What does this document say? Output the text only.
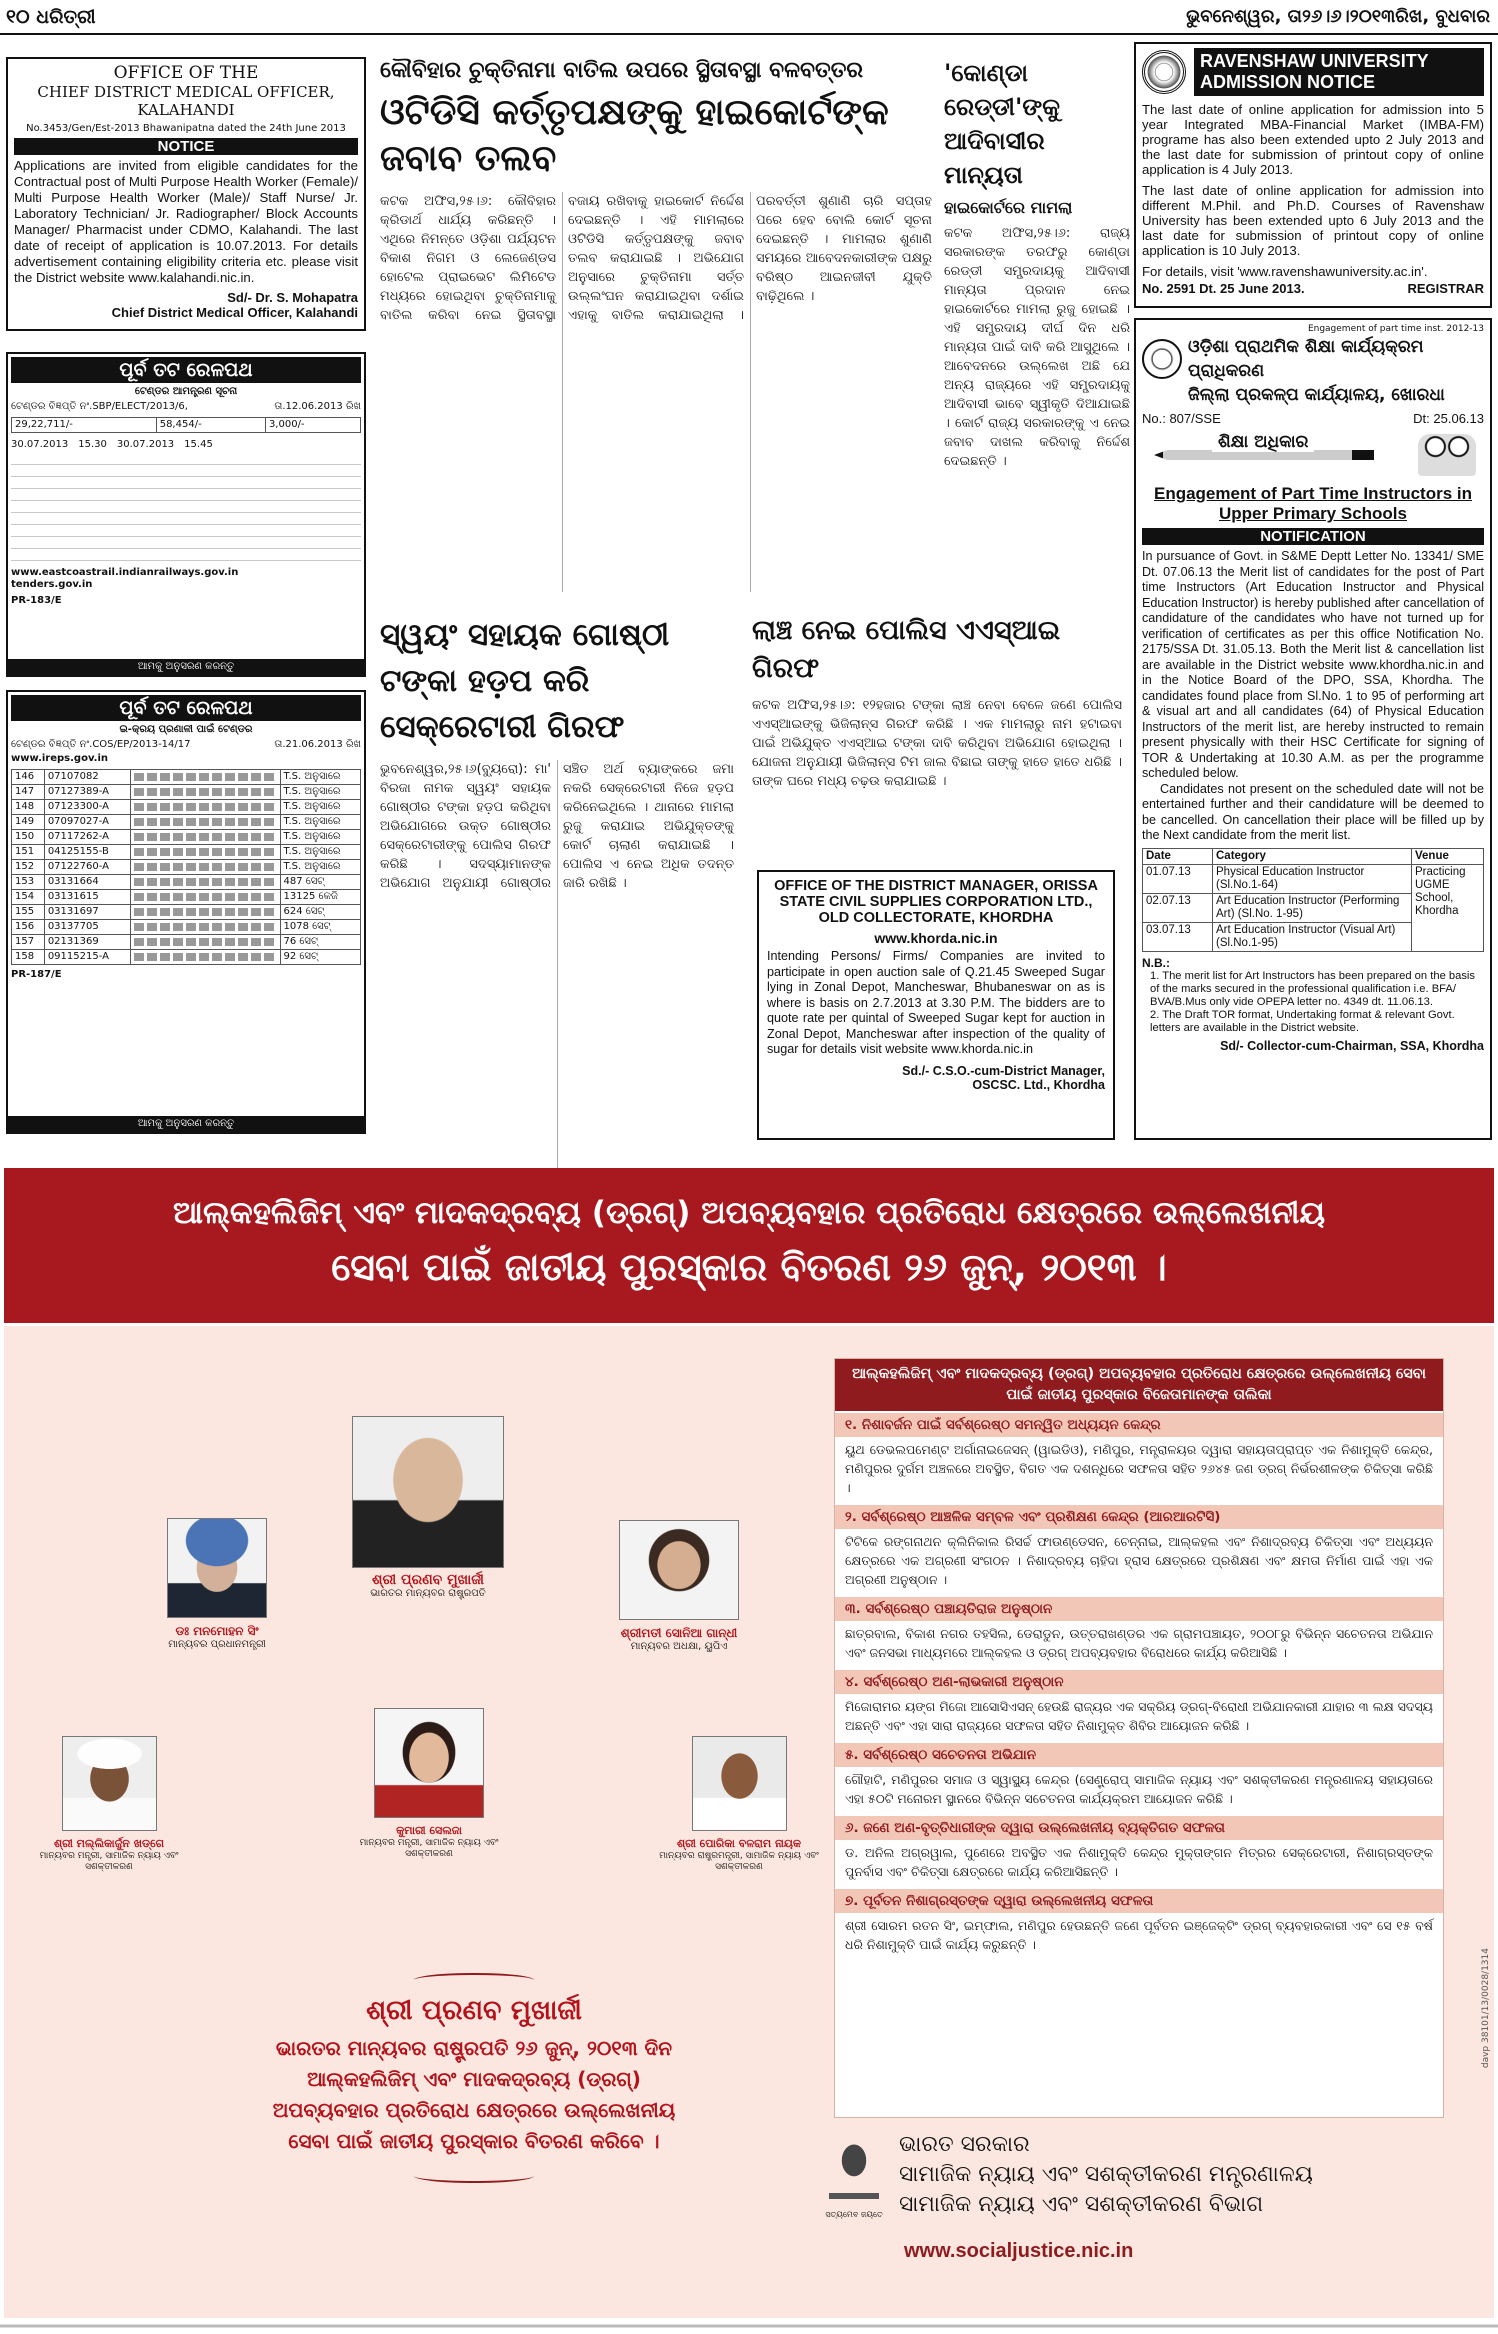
୧୦ ଧରିତ୍ରୀ	ଭୁବନେଶ୍ୱର, ତା୨୬।୬।୨୦୧୩ରିଖ, ବୁଧବାର
OFFICE OF THE
CHIEF DISTRICT MEDICAL OFFICER, KALAHANDI
No.3453/Gen/Est-2013 Bhawanipatna dated the 24th June 2013
NOTICE
Applications are invited from eligible candidates for the Contractual post of Multi Purpose Health Worker (Female)/ Multi Purpose Health Worker (Male)/ Staff Nurse/ Jr. Laboratory Technician/ Jr. Radiographer/ Block Accounts Manager/ Pharmacist under CDMO, Kalahandi. The last date of receipt of application is 10.07.2013. For details advertisement containing eligibility criteria etc. please visit the District website www.kalahandi.nic.in.
Sd/- Dr. S. Mohapatra
Chief District Medical Officer, Kalahandi
ପୂର୍ବ ତଟ ରେଳପଥ
ଟେଣ୍ଡର ଆମନ୍ତ୍ରଣ ସୂଚନା
ଟେଣ୍ଡର ବିଜ୍ଞପ୍ତି ନଂ.SBP/ELECT/2013/6,	ତା.12.06.2013 ରିଖ
29,22,711/-	58,454/-	3,000/-
30.07.2013 15.30 30.07.2013 15.45
www.eastcoastrail.indianrailways.gov.in
tenders.gov.in
PR-183/E
ଆମକୁ ଅନୁସରଣ କରନ୍ତୁ
ପୂର୍ବ ତଟ ରେଳପଥ
ଇ-କ୍ରୟ ପ୍ରଣାଳୀ ପାଇଁ ଟେଣ୍ଡର
ଟେଣ୍ଡର ବିଜ୍ଞପ୍ତି ନଂ.COS/EP/2013-14/17	ତା.21.06.2013 ରିଖ
www.ireps.gov.in
146	07107082		T.S. ଅନୁସାରେ
147	07127389-A		T.S. ଅନୁସାରେ
148	07123300-A		T.S. ଅନୁସାରେ
149	07097027-A		T.S. ଅନୁସାରେ
150	07117262-A		T.S. ଅନୁସାରେ
151	04125155-B		T.S. ଅନୁସାରେ
152	07122760-A		T.S. ଅନୁସାରେ
153	03131664		487 ସେଟ୍
154	03131615		13125 କେଜି
155	03131697		624 ସେଟ୍
156	03137705		1078 ସେଟ୍
157	02131369		76 ସେଟ୍
158	09115215-A		92 ସେଟ୍
PR-187/E
ଆମକୁ ଅନୁସରଣ କରନ୍ତୁ
କୌବିହାର ଚୁକ୍ତିନାମା ବାତିଲ ଉପରେ ସ୍ଥିତାବସ୍ଥା ବଳବତ୍ତର
ଓଟିଡିସି କର୍ତ୍ତୃପକ୍ଷଙ୍କୁ ହାଇକୋର୍ଟଙ୍କ ଜବାବ ତଲବ
କଟକ ଅଫିସ,୨୫।୬: କୌବିହାର କ୍ରିଡାର୍ଥ ଧାର୍ଯ୍ୟ କରିଛନ୍ତି । ଏଥିରେ ନିମନ୍ତେ ଓଡ଼ିଶା ପର୍ଯ୍ୟଟନ ବିକାଶ ନିଗମ ଓ ଲେଜେଣ୍ଡସ ହୋଟେଲ ପ୍ରାଇଭେଟ ଲିମିଟେଡ ମଧ୍ୟରେ ହୋଇଥିବା ଚୁକ୍ତିନାମାକୁ ବାତିଲ କରିବା ନେଇ ସ୍ଥିତାବସ୍ଥା ବଜାୟ ରଖିବାକୁ ହାଇକୋର୍ଟ ନିର୍ଦ୍ଦେଶ ଦେଇଛନ୍ତି । ଏହି ମାମଲାରେ ଓଟିଡିସି କର୍ତ୍ତୃପକ୍ଷଙ୍କୁ ଜବାବ ତଲବ କରାଯାଇଛି । ଅଭିଯୋଗ ଅନୁସାରେ ଚୁକ୍ତିନାମା ସର୍ତ୍ତ ଉଲ୍ଲଂଘନ କରାଯାଇଥିବା ଦର୍ଶାଇ ଏହାକୁ ବାତିଲ କରାଯାଇଥିଲା । ପରବର୍ତ୍ତୀ ଶୁଣାଣି ଚାରି ସପ୍ତାହ ପରେ ହେବ ବୋଲି କୋର୍ଟ ସୂଚନା ଦେଇଛନ୍ତି । ମାମଲାର ଶୁଣାଣି ସମୟରେ ଆବେଦନକାରୀଙ୍କ ପକ୍ଷରୁ ବରିଷ୍ଠ ଆଇନଜୀବୀ ଯୁକ୍ତି ବାଢ଼ିଥିଲେ ।
'କୋଣ୍ଡା ରେଡ୍ଡୀ'ଙ୍କୁ ଆଦିବାସୀର ମାନ୍ୟତା
ହାଇକୋର୍ଟରେ ମାମଲା
କଟକ ଅଫିସ,୨୫।୬: ରାଜ୍ୟ ସରକାରଙ୍କ ତରଫରୁ କୋଣ୍ଡା ରେଡ୍ଡୀ ସମ୍ପ୍ରଦାୟକୁ ଆଦିବାସୀ ମାନ୍ୟତା ପ୍ରଦାନ ନେଇ ହାଇକୋର୍ଟରେ ମାମଲା ରୁଜୁ ହୋଇଛି । ଏହି ସମ୍ପ୍ରଦାୟ ଦୀର୍ଘ ଦିନ ଧରି ମାନ୍ୟତା ପାଇଁ ଦାବି କରି ଆସୁଥିଲେ । ଆବେଦନରେ ଉଲ୍ଲେଖ ଅଛି ଯେ ଅନ୍ୟ ରାଜ୍ୟରେ ଏହି ସମ୍ପ୍ରଦାୟକୁ ଆଦିବାସୀ ଭାବେ ସ୍ୱୀକୃତି ଦିଆଯାଇଛି । କୋର୍ଟ ରାଜ୍ୟ ସରକାରଙ୍କୁ ଏ ନେଇ ଜବାବ ଦାଖଲ କରିବାକୁ ନିର୍ଦ୍ଦେଶ ଦେଇଛନ୍ତି ।
ସ୍ୱୟଂ ସହାୟକ ଗୋଷ୍ଠୀ ଟଙ୍କା ହଡ଼ପ କରି ସେକ୍ରେଟାରୀ ଗିରଫ
ଭୁବନେଶ୍ୱର,୨୫।୬(ବ୍ୟୁରୋ): ମା' ବିରଜା ନାମକ ସ୍ୱୟଂ ସହାୟକ ଗୋଷ୍ଠୀର ଟଙ୍କା ହଡ଼ପ କରିଥିବା ଅଭିଯୋଗରେ ଉକ୍ତ ଗୋଷ୍ଠୀର ସେକ୍ରେଟାରୀଙ୍କୁ ପୋଲିସ ଗିରଫ କରିଛି । ସଦସ୍ୟାମାନଙ୍କ ଅଭିଯୋଗ ଅନୁଯାୟୀ ଗୋଷ୍ଠୀର ସଞ୍ଚିତ ଅର୍ଥ ବ୍ୟାଙ୍କରେ ଜମା ନକରି ସେକ୍ରେଟାରୀ ନିଜେ ହଡ଼ପ କରିନେଇଥିଲେ । ଥାନାରେ ମାମଲା ରୁଜୁ କରାଯାଇ ଅଭିଯୁକ୍ତଙ୍କୁ କୋର୍ଟ ଚାଲାଣ କରାଯାଇଛି । ପୋଲିସ ଏ ନେଇ ଅଧିକ ତଦନ୍ତ ଜାରି ରଖିଛି ।
ଲାଞ୍ଚ ନେଇ ପୋଲିସ ଏଏସ୍‌ଆଇ ଗିରଫ
କଟକ ଅଫିସ,୨୫।୬: ୧୨ହଜାର ଟଙ୍କା ଲାଞ୍ଚ ନେବା ବେଳେ ଜଣେ ପୋଲିସ ଏଏସ୍‌ଆଇଙ୍କୁ ଭିଜିଲାନ୍ସ ଗିରଫ କରିଛି । ଏକ ମାମଲାରୁ ନାମ ହଟାଇବା ପାଇଁ ଅଭିଯୁକ୍ତ ଏଏସ୍‌ଆଇ ଟଙ୍କା ଦାବି କରିଥିବା ଅଭିଯୋଗ ହୋଇଥିଲା । ଯୋଜନା ଅନୁଯାୟୀ ଭିଜିଲାନ୍ସ ଟିମ ଜାଲ ବିଛାଇ ତାଙ୍କୁ ହାତେ ହାତେ ଧରିଛି । ତାଙ୍କ ଘରେ ମଧ୍ୟ ଚଢ଼ଉ କରାଯାଇଛି ।
OFFICE OF THE DISTRICT MANAGER, ORISSA
STATE CIVIL SUPPLIES CORPORATION LTD.,
OLD COLLECTORATE, KHORDHA
www.khorda.nic.in
Intending Persons/ Firms/ Companies are invited to participate in open auction sale of Q.21.45 Sweeped Sugar lying in Zonal Depot, Mancheswar, Bhubaneswar on as is where is basis on 2.7.2013 at 3.30 P.M. The bidders are to quote rate per quintal of Sweeped Sugar kept for auction in Zonal Depot, Mancheswar after inspection of the quality of sugar for details visit website www.khorda.nic.in
Sd./- C.S.O.-cum-District Manager,
OSCSC. Ltd., Khordha
RAVENSHAW UNIVERSITY
ADMISSION NOTICE
The last date of online application for admission into 5 year Integrated MBA-Financial Market (IMBA-FM) programe has also been extended upto 2 July 2013 and the last date for submission of printout copy of online application is 4 July 2013.
The last date of online application for admission into different M.Phil. and Ph.D. Courses of Ravenshaw University has been extended upto 6 July 2013 and the last date for submission of printout copy of online application is 10 July 2013.
For details, visit 'www.ravenshawuniversity.ac.in'.
No. 2591 Dt. 25 June 2013.	REGISTRAR
Engagement of part time inst. 2012-13
ଓଡ଼ିଶା ପ୍ରାଥମିକ ଶିକ୍ଷା କାର୍ଯ୍ୟକ୍ରମ ପ୍ରାଧିକରଣ
ଜିଲ୍ଲା ପ୍ରକଳ୍ପ କାର୍ଯ୍ୟାଳୟ, ଖୋରଧା
No.: 807/SSE	Dt: 25.06.13
ଶିକ୍ଷା ଅଧିକାର
Engagement of Part Time Instructors in Upper Primary Schools
NOTIFICATION
In pursuance of Govt. in S&ME Deptt Letter No. 13341/ SME Dt. 07.06.13 the Merit list of candidates for the post of Part time Instructors (Art Education Instructor and Physical Education Instructor) is hereby published after cancellation of candidature of the candidates who have not turned up for verification of certificates as per this office Notification No. 2175/SSA Dt. 31.05.13. Both the Merit list & cancellation list are available in the District website www.khordha.nic.in and in the Notice Board of the DPO, SSA, Khordha. The candidates found place from Sl.No. 1 to 95 of performing art & visual art and all candidates (64) of Physical Education Instructors of the merit list, are hereby instructed to remain present physically with their HSC Certificate for signing of TOR & Undertaking at 10.30 A.M. as per the programme scheduled below.
Candidates not present on the scheduled date will not be entertained further and their candidature will be deemed to be cancelled. On cancellation their place will be filled up by the Next candidate from the merit list.
Date	Category	Venue
01.07.13	Physical Education Instructor (Sl.No.1-64)	Practicing UGME School, Khordha
02.07.13	Art Education Instructor (Performing Art) (Sl.No. 1-95)	
03.07.13	Art Education Instructor (Visual Art) (Sl.No.1-95)	
N.B.:
1. The merit list for Art Instructors has been prepared on the basis of the marks secured in the professional qualification i.e. BFA/ BVA/B.Mus only vide OPEPA letter no. 4349 dt. 11.06.13.
2. The Draft TOR format, Undertaking format & relevant Govt. letters are available in the District website.
Sd/- Collector-cum-Chairman, SSA, Khordha
ଆଲ୍‌କହଲିଜିମ୍ ଏବଂ ମାଦକଦ୍ରବ୍ୟ (ଡ୍ରଗ୍) ଅପବ୍ୟବହାର ପ୍ରତିରୋଧ କ୍ଷେତ୍ରରେ ଉଲ୍ଲେଖନୀୟ
ସେବା ପାଇଁ ଜାତୀୟ ପୁରସ୍କାର ବିତରଣ ୨୬ ଜୁନ୍, ୨୦୧୩ ।
ଶ୍ରୀ ପ୍ରଣବ ମୁଖାର୍ଜୀ
ଭାରତର ମାନ୍ୟବର ରାଷ୍ଟ୍ରପତି
ଡଃ ମନମୋହନ ସିଂ
ମାନ୍ୟବର ପ୍ରଧାନମନ୍ତ୍ରୀ
ଶ୍ରୀମତୀ ସୋନିଆ ଗାନ୍ଧୀ
ମାନ୍ୟବର ଅଧକ୍ଷା, ୟୁପିଏ
ଶ୍ରୀ ମଲ୍ଲିକାର୍ଜୁନ ଖଡ୍‌ଗେ
ମାନ୍ୟବର ମନ୍ତ୍ରୀ, ସାମାଜିକ ନ୍ୟାୟ ଏବଂ ସଶକ୍ତୀକରଣ
କୁମାରୀ ସେଲଜା
ମାନ୍ୟବର ମନ୍ତ୍ରୀ, ସାମାଜିକ ନ୍ୟାୟ ଏବଂ ସଶକ୍ତୀକରଣ
ଶ୍ରୀ ପୋରିକା ବଳରାମ ନାୟକ
ମାନ୍ୟବର ରାଷ୍ଟ୍ରମନ୍ତ୍ରୀ, ସାମାଜିକ ନ୍ୟାୟ ଏବଂ ସଶକ୍ତୀକରଣ
ଶ୍ରୀ ପ୍ରଣବ ମୁଖାର୍ଜୀ
ଭାରତର ମାନ୍ୟବର ରାଷ୍ଟ୍ରପତି ୨୬ ଜୁନ୍, ୨୦୧୩ ଦିନ ଆଲ୍‌କହଲିଜିମ୍ ଏବଂ ମାଦକଦ୍ରବ୍ୟ (ଡ୍ରଗ୍) ଅପବ୍ୟବହାର ପ୍ରତିରୋଧ କ୍ଷେତ୍ରରେ ଉଲ୍ଲେଖନୀୟ ସେବା ପାଇଁ ଜାତୀୟ ପୁରସ୍କାର ବିତରଣ କରିବେ ।
ଆଲ୍‌କହଲିଜିମ୍ ଏବଂ ମାଦକଦ୍ରବ୍ୟ (ଡ୍ରଗ୍) ଅପବ୍ୟବହାର ପ୍ରତିରୋଧ କ୍ଷେତ୍ରରେ ଉଲ୍ଲେଖନୀୟ ସେବା ପାଇଁ ଜାତୀୟ ପୁରସ୍କାର ବିଜେତାମାନଙ୍କ ତାଲିକା
୧. ନିଶାବର୍ଜନ ପାଇଁ ସର୍ବଶ୍ରେଷ୍ଠ ସମନ୍ୱିତ ଅଧ୍ୟୟନ କେନ୍ଦ୍ର
ୟୁଥ ଡେଭଲପମେଣ୍ଟ ଅର୍ଗାନାଇଜେସନ୍ (ୱାଇଡିଓ), ମଣିପୁର, ମନ୍ତ୍ରାଳୟର ଦ୍ୱାରା ସହାୟତାପ୍ରାପ୍ତ ଏକ ନିଶାମୁକ୍ତି କେନ୍ଦ୍ର, ମଣିପୁରର ଦୁର୍ଗମ ଅଞ୍ଚଳରେ ଅବସ୍ଥିତ, ବିଗତ ଏକ ଦଶନ୍ଧିରେ ସଫଳତା ସହିତ ୨୬୪୫ ଜଣ ଡ୍ରଗ୍ ନିର୍ଭରଶୀଳଙ୍କ ଚିକିତ୍ସା କରିଛି ।
୨. ସର୍ବଶ୍ରେଷ୍ଠ ଆଞ୍ଚଳିକ ସମ୍ବଳ ଏବଂ ପ୍ରଶିକ୍ଷଣ କେନ୍ଦ୍ର (ଆରଆରଟିସି)
ଟିଟିକେ ରଙ୍ଗନାଥନ କ୍ଲିନିକାଲ ରିସର୍ଚ୍ଚ ଫାଉଣ୍ଡେସନ, ଚେନ୍ନାଇ, ଆଲ୍‌କହଲ ଏବଂ ନିଶାଦ୍ରବ୍ୟ ଚିକିତ୍ସା ଏବଂ ଅଧ୍ୟୟନ କ୍ଷେତ୍ରରେ ଏକ ଅଗ୍ରଣୀ ସଂଗଠନ । ନିଶାଦ୍ରବ୍ୟ ଚାହିଦା ହ୍ରାସ କ୍ଷେତ୍ରରେ ପ୍ରଶିକ୍ଷଣ ଏବଂ କ୍ଷମତା ନିର୍ମାଣ ପାଇଁ ଏହା ଏକ ଅଗ୍ରଣୀ ଅନୁଷ୍ଠାନ ।
୩. ସର୍ବଶ୍ରେଷ୍ଠ ପଞ୍ଚାୟତିରାଜ ଅନୁଷ୍ଠାନ
ଛାତ୍ରବାଲ, ବିକାଶ ନଗର ତହସିଲ, ଡେରାଡୁନ, ଉତ୍ତରାଖଣ୍ଡର ଏକ ଗ୍ରାମପଞ୍ଚାୟତ, ୨୦୦୮ରୁ ବିଭିନ୍ନ ସଚେତନତା ଅଭିଯାନ ଏବଂ ଜନସଭା ମାଧ୍ୟମରେ ଆଲ୍‌କହଲ ଓ ଡ୍ରଗ୍ ଅପବ୍ୟବହାର ବିରୋଧରେ କାର୍ଯ୍ୟ କରିଆସିଛି ।
୪. ସର୍ବଶ୍ରେଷ୍ଠ ଅଣ-ଲାଭକାରୀ ଅନୁଷ୍ଠାନ
ମିଜୋରାମର ୟଙ୍ଗ ମିଜୋ ଆସୋସିଏସନ୍ ହେଉଛି ରାଜ୍ୟର ଏକ ସକ୍ରିୟ ଡ୍ରଗ୍-ବିରୋଧୀ ଅଭିଯାନକାରୀ ଯାହାର ୩ ଲକ୍ଷ ସଦସ୍ୟ ଅଛନ୍ତି ଏବଂ ଏହା ସାରା ରାଜ୍ୟରେ ସଫଳତା ସହିତ ନିଶାମୁକ୍ତ ଶିବିର ଆୟୋଜନ କରିଛି ।
୫. ସର୍ବଶ୍ରେଷ୍ଠ ସଚେତନତା ଅଭିଯାନ
ଗୌହାଟି, ମଣିପୁରର ସମାଜ ଓ ସ୍ୱାସ୍ଥ୍ୟ କେନ୍ଦ୍ର (ସେଣ୍ଟ୍ରୋପ୍ ସାମାଜିକ ନ୍ୟାୟ ଏବଂ ସଶକ୍ତୀକରଣ ମନ୍ତ୍ରଣାଳୟ ସହାୟତାରେ ଏହା ୫୦ଟି ମନୋରମ ସ୍ଥାନରେ ବିଭିନ୍ନ ସଚେତନତା କାର୍ଯ୍ୟକ୍ରମ ଆୟୋଜନ କରିଛି ।
୬. ଜଣେ ଅଣ-ବୃତ୍ତିଧାରୀଙ୍କ ଦ୍ୱାରା ଉଲ୍ଲେଖନୀୟ ବ୍ୟକ୍ତିଗତ ସଫଳତା
ଡ. ଅନିଲ ଅଗ୍ରୱାଲ, ପୁଣେରେ ଅବସ୍ଥିତ ଏକ ନିଶାମୁକ୍ତି କେନ୍ଦ୍ର ମୁକ୍ତାଙ୍ଗନ ମିତ୍ରର ସେକ୍ରେଟାରୀ, ନିଶାଗ୍ରସ୍ତଙ୍କ ପୁନର୍ବାସ ଏବଂ ଚିକିତ୍ସା କ୍ଷେତ୍ରରେ କାର୍ଯ୍ୟ କରିଆସିଛନ୍ତି ।
୭. ପୂର୍ବତନ ନିଶାଗ୍ରସ୍ତଙ୍କ ଦ୍ୱାରା ଉଲ୍ଲେଖନୀୟ ସଫଳତା
ଶ୍ରୀ ସୋରମ ରତନ ସିଂ, ଇମ୍ଫାଲ, ମଣିପୁର ହେଉଛନ୍ତି ଜଣେ ପୂର୍ବତନ ଇଞ୍ଜେକ୍ଟିଂ ଡ୍ରଗ୍ ବ୍ୟବହାରକାରୀ ଏବଂ ସେ ୧୫ ବର୍ଷ ଧରି ନିଶାମୁକ୍ତି ପାଇଁ କାର୍ଯ୍ୟ କରୁଛନ୍ତି ।
ସତ୍ୟମେବ ଜୟତେ
ଭାରତ ସରକାର
ସାମାଜିକ ନ୍ୟାୟ ଏବଂ ସଶକ୍ତୀକରଣ ମନ୍ତ୍ରଣାଳୟ
ସାମାଜିକ ନ୍ୟାୟ ଏବଂ ସଶକ୍ତୀକରଣ ବିଭାଗ
www.socialjustice.nic.in
davp 38101/13/0028/1314
